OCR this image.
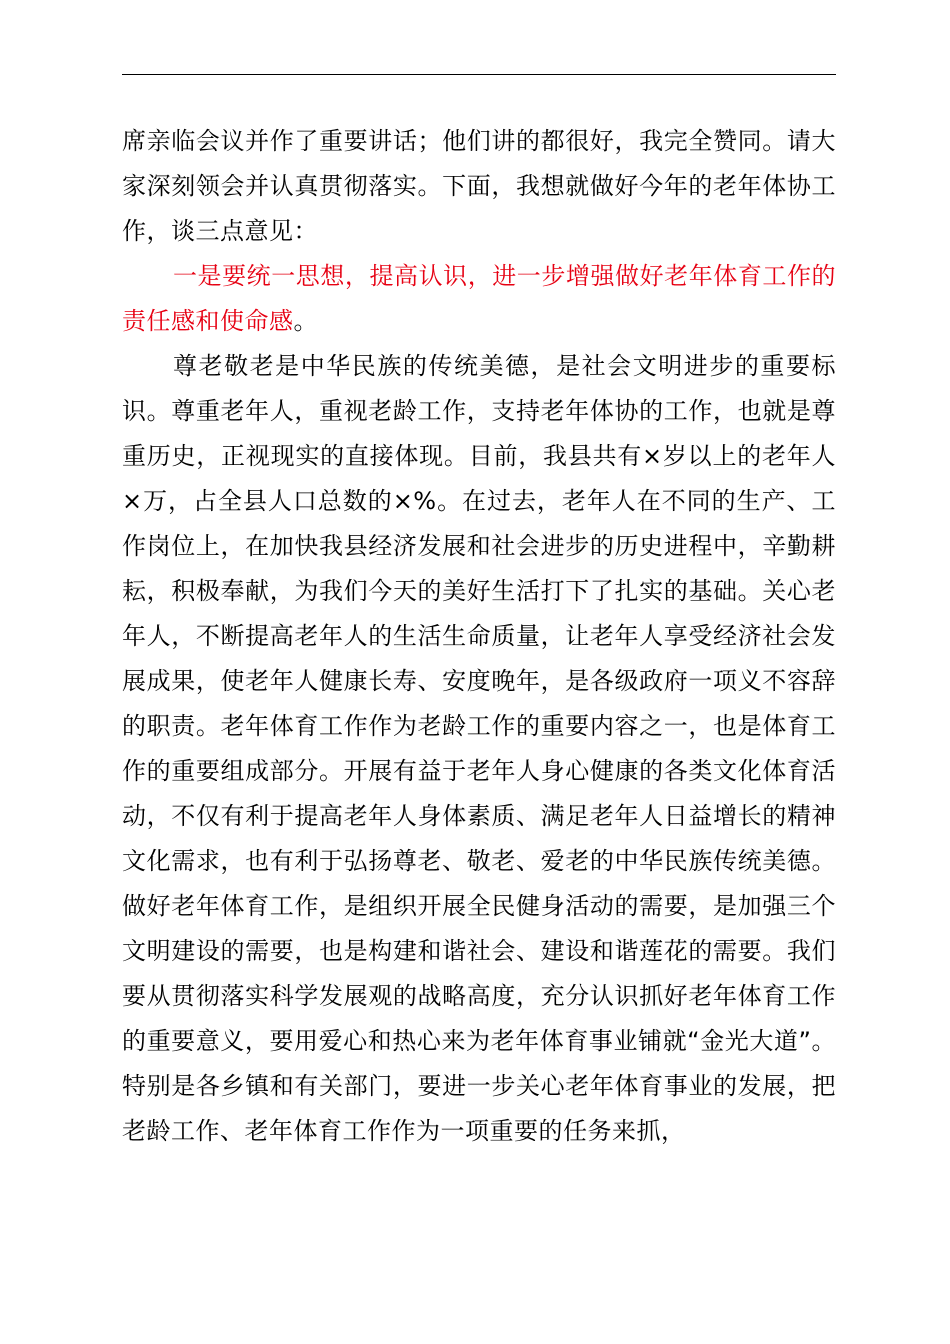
席亲临会议并作了重要讲话；他们讲的都很好，我完全赞同。请大家深刻领会并认真贯彻落实。下面，我想就做好今年的老年体协工作，谈三点意见：

一是要统一思想，提高认识，进一步增强做好老年体育工作的责任感和使命感。

尊老敬老是中华民族的传统美德，是社会文明进步的重要标识。尊重老年人，重视老龄工作，支持老年体协的工作，也就是尊重历史，正视现实的直接体现。目前，我县共有×岁以上的老年人×万，占全县人口总数的×%。在过去，老年人在不同的生产、工作岗位上，在加快我县经济发展和社会进步的历史进程中，辛勤耕耘，积极奉献，为我们今天的美好生活打下了扎实的基础。关心老年人，不断提高老年人的生活生命质量，让老年人享受经济社会发展成果，使老年人健康长寿、安度晚年，是各级政府一项义不容辞的职责。老年体育工作作为老龄工作的重要内容之一，也是体育工作的重要组成部分。开展有益于老年人身心健康的各类文化体育活动，不仅有利于提高老年人身体素质、满足老年人日益增长的精神文化需求，也有利于弘扬尊老、敬老、爱老的中华民族传统美德。做好老年体育工作，是组织开展全民健身活动的需要，是加强三个文明建设的需要，也是构建和谐社会、建设和谐莲花的需要。我们要从贯彻落实科学发展观的战略高度，充分认识抓好老年体育工作的重要意义，要用爱心和热心来为老年体育事业铺就“金光大道”。特别是各乡镇和有关部门，要进一步关心老年体育事业的发展，把老龄工作、老年体育工作作为一项重要的任务来抓，
